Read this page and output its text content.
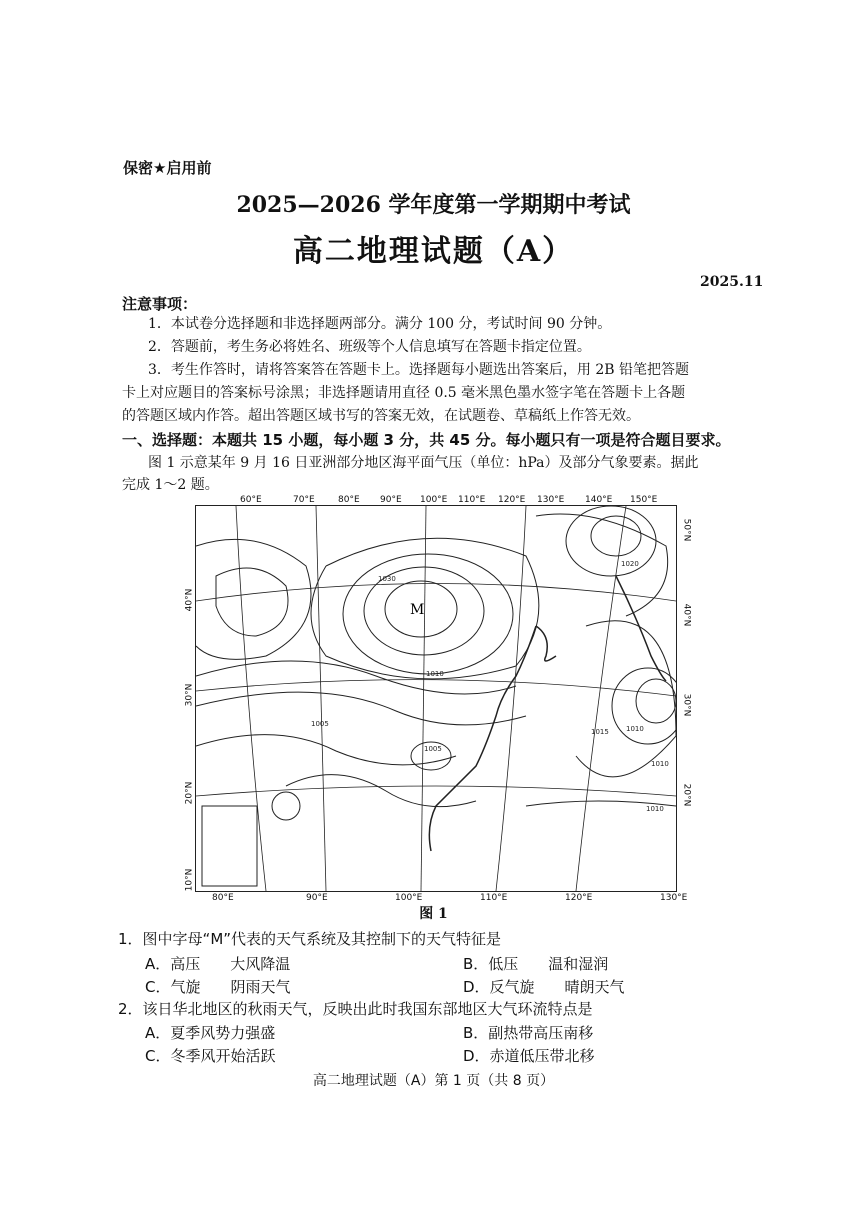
保密★启用前
2025—2026 学年度第一学期期中考试
高二地理试题（A）
2025.11
注意事项：
1．本试卷分选择题和非选择题两部分。满分 100 分，考试时间 90 分钟。
2．答题前，考生务必将姓名、班级等个人信息填写在答题卡指定位置。
3．考生作答时，请将答案答在答题卡上。选择题每小题选出答案后，用 2B 铅笔把答题
卡上对应题目的答案标号涂黑；非选择题请用直径 0.5 毫米黑色墨水签字笔在答题卡上各题
的答题区域内作答。超出答题区域书写的答案无效，在试题卷、草稿纸上作答无效。
一、选择题：本题共 15 小题，每小题 3 分，共 45 分。每小题只有一项是符合题目要求。
图 1 示意某年 9 月 16 日亚洲部分地区海平面气压（单位：hPa）及部分气象要素。据此
完成 1～2 题。
60°E	70°E	80°E 90°E 100°E 110°E 120°E 130°E 140°E 150°E
M
1030
1010
1005
1005
1010
1010
1015
1010
1020
80°E	90°E	100°E	110°E	120°E	130°E
40°N
30°N
20°N
10°N
50°N
40°N
30°N
20°N
图 1
1．图中字母“M”代表的天气系统及其控制下的天气特征是
A．高压　　大风降温	B．低压　　温和湿润
C．气旋　　阴雨天气	D．反气旋　　晴朗天气
2．该日华北地区的秋雨天气，反映出此时我国东部地区大气环流特点是
A．夏季风势力强盛	B．副热带高压南移
C．冬季风开始活跃	D．赤道低压带北移
高二地理试题（A）第 1 页（共 8 页）
